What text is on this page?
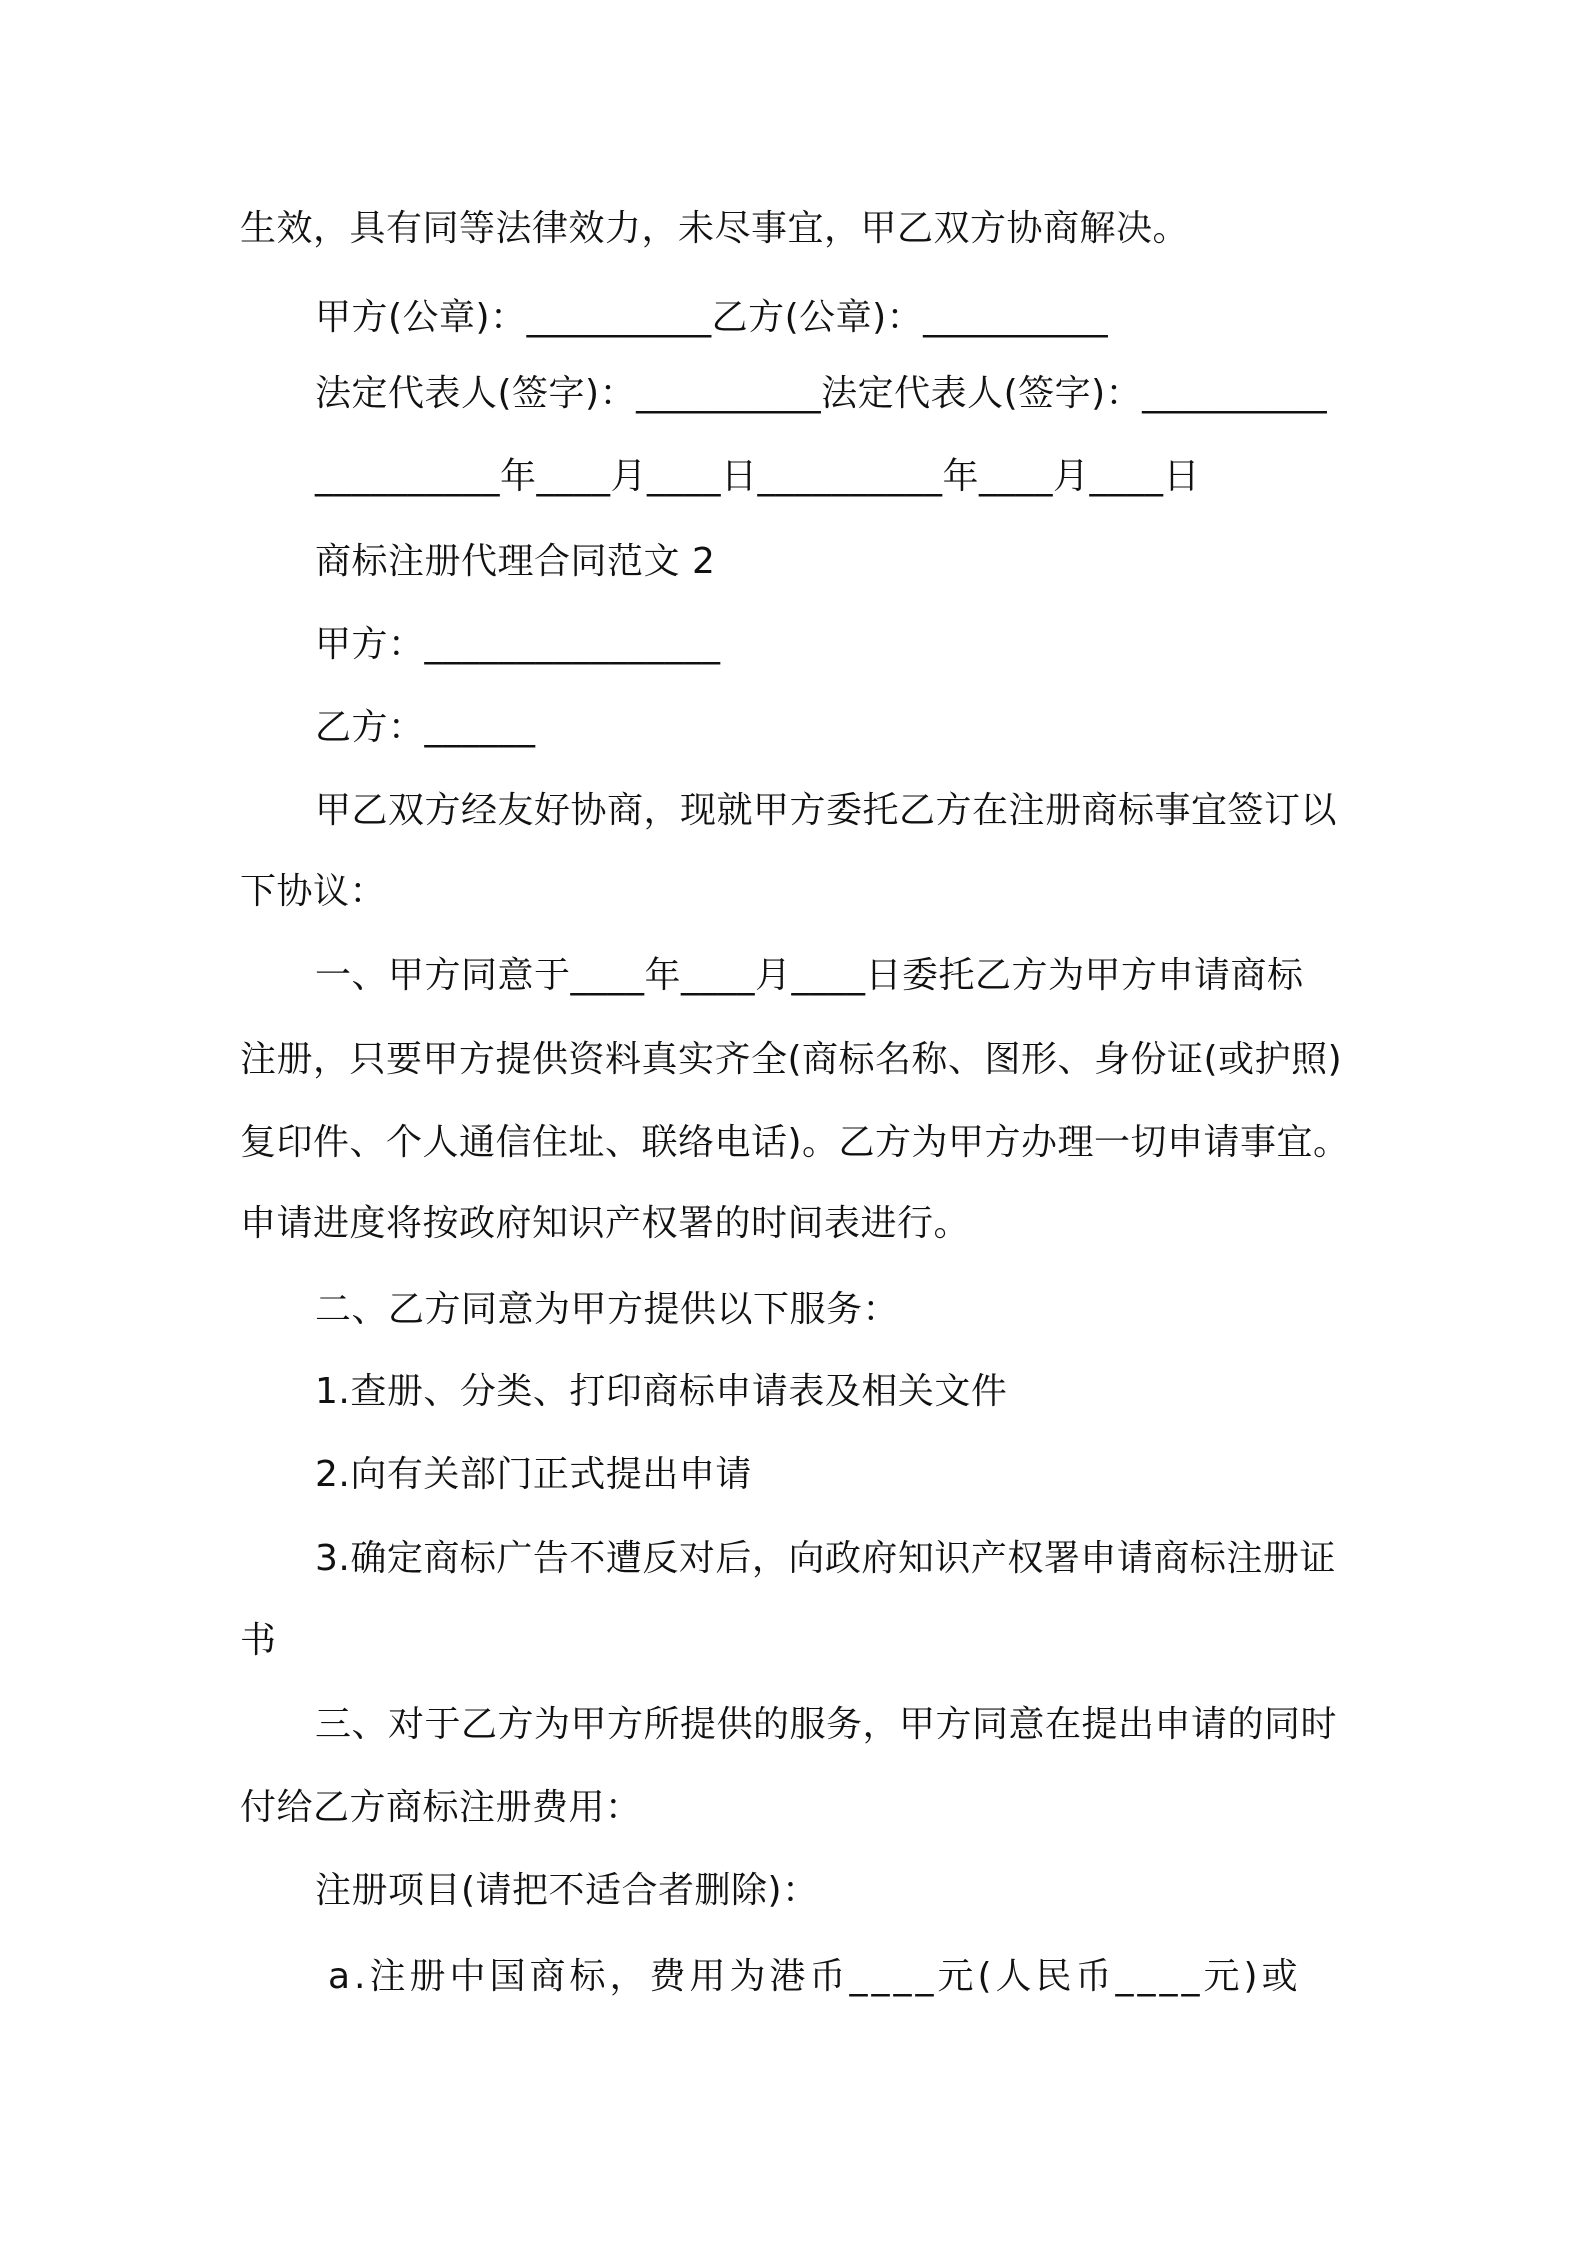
生效，具有同等法律效力，未尽事宜，甲乙双方协商解决。
甲方(公章)：__________乙方(公章)：__________
法定代表人(签字)：__________法定代表人(签字)：__________
__________年____月____日__________年____月____日
商标注册代理合同范文 2
甲方：________________
乙方：______
甲乙双方经友好协商，现就甲方委托乙方在注册商标事宜签订以
下协议：
一、甲方同意于____年____月____日委托乙方为甲方申请商标
注册，只要甲方提供资料真实齐全(商标名称、图形、身份证(或护照)
复印件、个人通信住址、联络电话)。乙方为甲方办理一切申请事宜。
申请进度将按政府知识产权署的时间表进行。
二、乙方同意为甲方提供以下服务：
1.查册、分类、打印商标申请表及相关文件
2.向有关部门正式提出申请
3.确定商标广告不遭反对后，向政府知识产权署申请商标注册证
书
三、对于乙方为甲方所提供的服务，甲方同意在提出申请的同时
付给乙方商标注册费用：
注册项目(请把不适合者删除)：
a.注册中国商标，费用为港币____元(人民币____元)或
